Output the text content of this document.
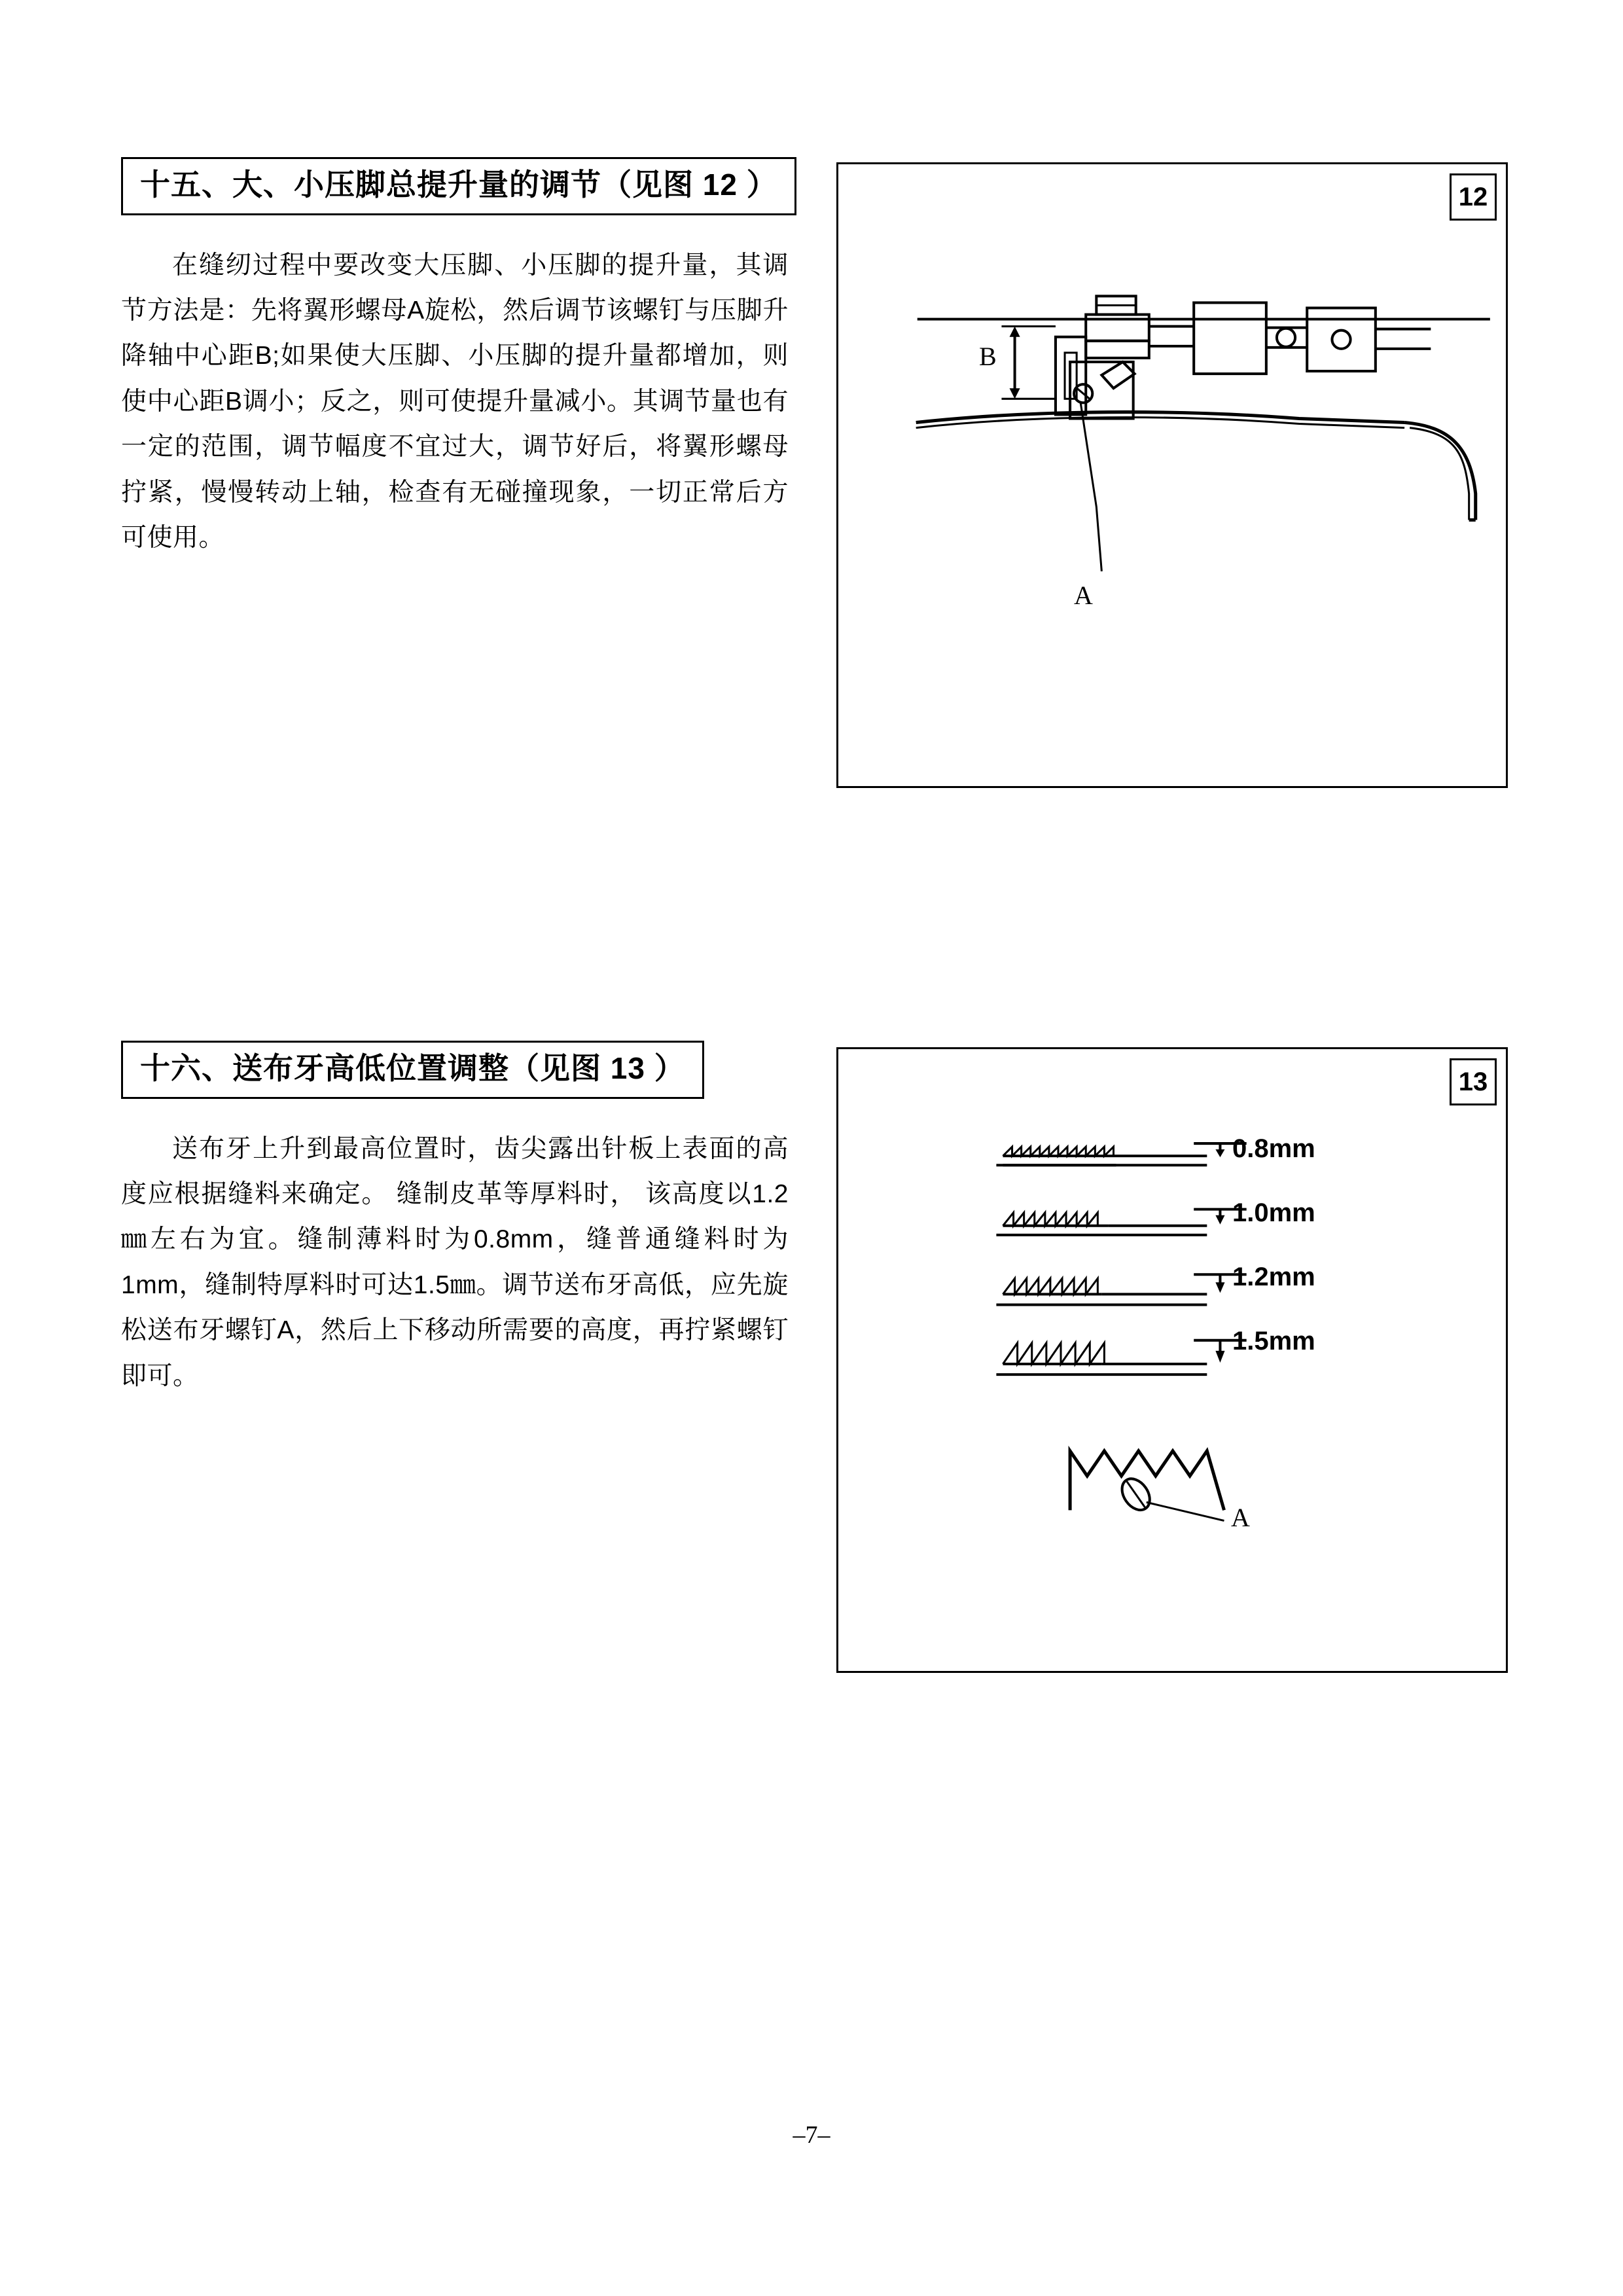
十五、大、小压脚总提升量的调节（见图 12 ）
在缝纫过程中要改变大压脚、小压脚的提升量，其调节方法是：先将翼形螺母A旋松，然后调节该螺钉与压脚升降轴中心距B;如果使大压脚、小压脚的提升量都增加，则使中心距B调小；反之，则可使提升量减小。其调节量也有一定的范围，调节幅度不宜过大，调节好后，将翼形螺母拧紧，慢慢转动上轴，检查有无碰撞现象，一切正常后方可使用。
12
A
B
十六、送布牙高低位置调整（见图 13 ）
送布牙上升到最高位置时，齿尖露出针板上表面的高度应根据缝料来确定。 缝制皮革等厚料时， 该高度以1.2㎜左右为宜。缝制薄料时为0.8mm，缝普通缝料时为1mm，缝制特厚料时可达1.5㎜。调节送布牙高低，应先旋松送布牙螺钉A，然后上下移动所需要的高度，再拧紧螺钉即可。
13
0.8mm
1.0mm
1.2mm
1.5mm
A
–7–
